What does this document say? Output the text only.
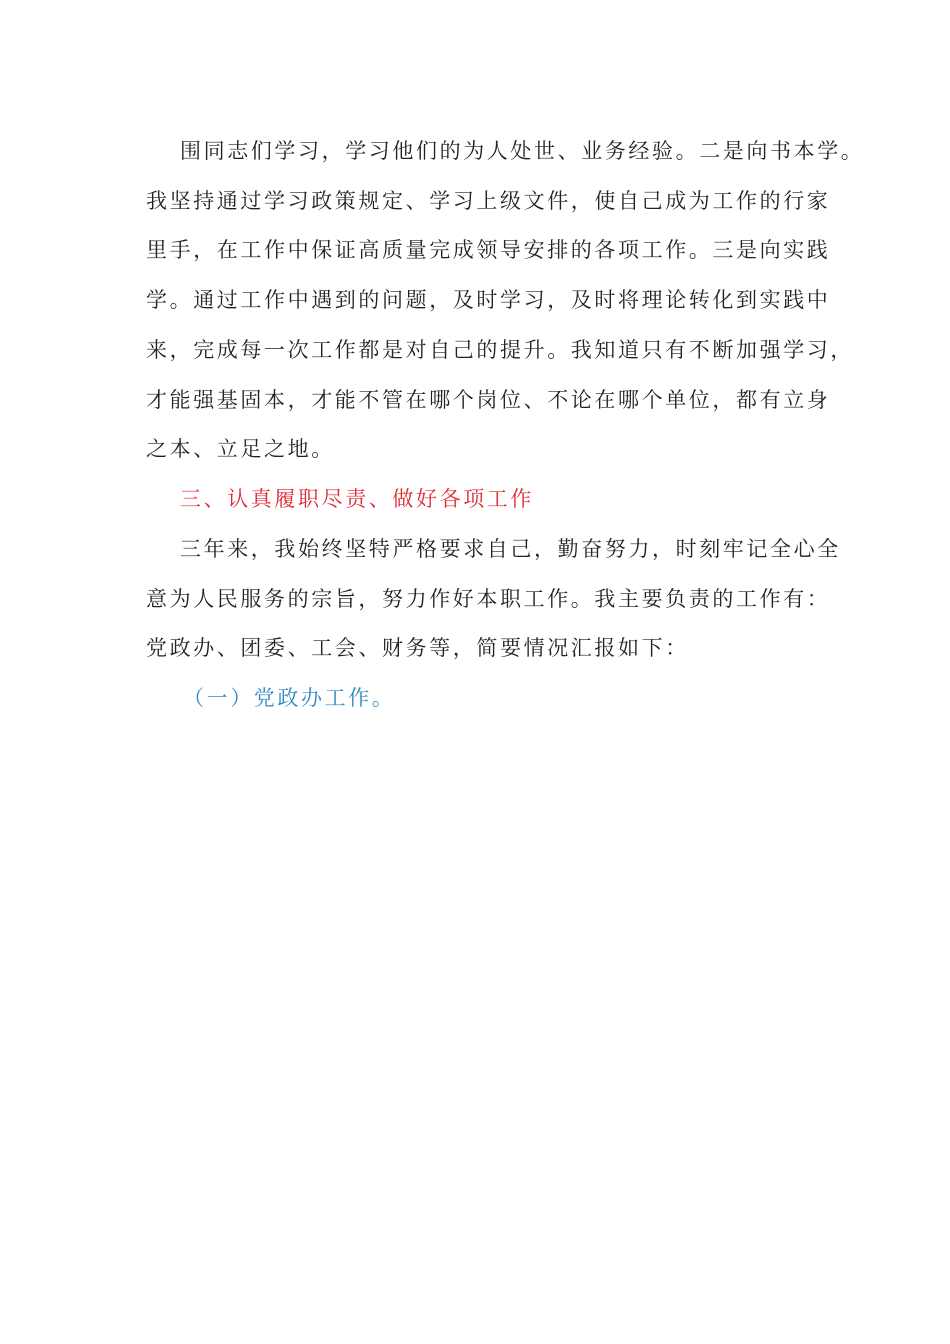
围同志们学习，学习他们的为人处世、业务经验。二是向书本学。
我坚持通过学习政策规定、学习上级文件，使自己成为工作的行家
里手，在工作中保证高质量完成领导安排的各项工作。三是向实践
学。通过工作中遇到的问题，及时学习，及时将理论转化到实践中
来，完成每一次工作都是对自己的提升。我知道只有不断加强学习，
才能强基固本，才能不管在哪个岗位、不论在哪个单位，都有立身
之本、立足之地。
三、认真履职尽责、做好各项工作
三年来，我始终坚特严格要求自己，勤奋努力，时刻牢记全心全
意为人民服务的宗旨，努力作好本职工作。我主要负责的工作有：
党政办、团委、工会、财务等，简要情况汇报如下：
（一）党政办工作。
